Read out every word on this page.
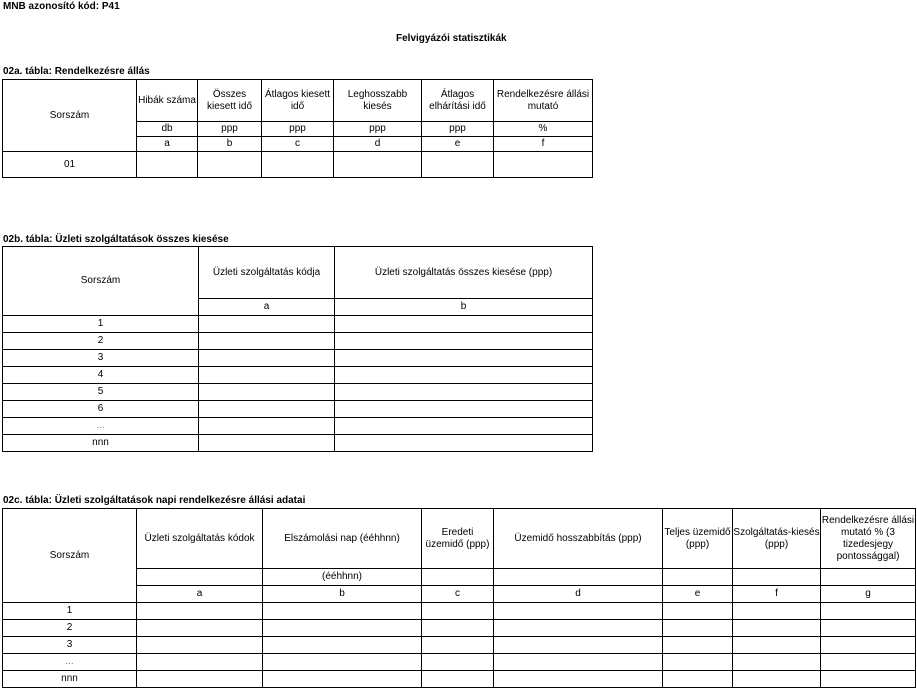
MNB azonosító kód: P41
Felvigyázói statisztikák
02a. tábla: Rendelkezésre állás
Sorszám	Hibák száma	Összes kiesett idő	Átlagos kiesett idő	Leghosszabb kiesés	Átlagos elhárítási idő	Rendelkezésre állási mutató
	db	ppp	ppp	ppp	ppp	%
	a	b	c	d	e	f
01						
02b. tábla: Üzleti szolgáltatások összes kiesése
Sorszám	Üzleti szolgáltatás kódja	Üzleti szolgáltatás összes kiesése (ppp)
	a	b
1		
2		
3		
4		
5		
6		
...		
nnn		
02c. tábla: Üzleti szolgáltatások napi rendelkezésre állási adatai
Sorszám	Üzleti szolgáltatás kódok	Elszámolási nap (ééhhnn)	Eredeti üzemidő (ppp)	Üzemidő hosszabbítás (ppp)	Teljes üzemidő (ppp)	Szolgáltatás-kiesés (ppp)	Rendelkezésre állási mutató % (3 tizedesjegy pontossággal)
		(ééhhnn)					
	a	b	c	d	e	f	g
1							
2							
3							
...							
nnn							
